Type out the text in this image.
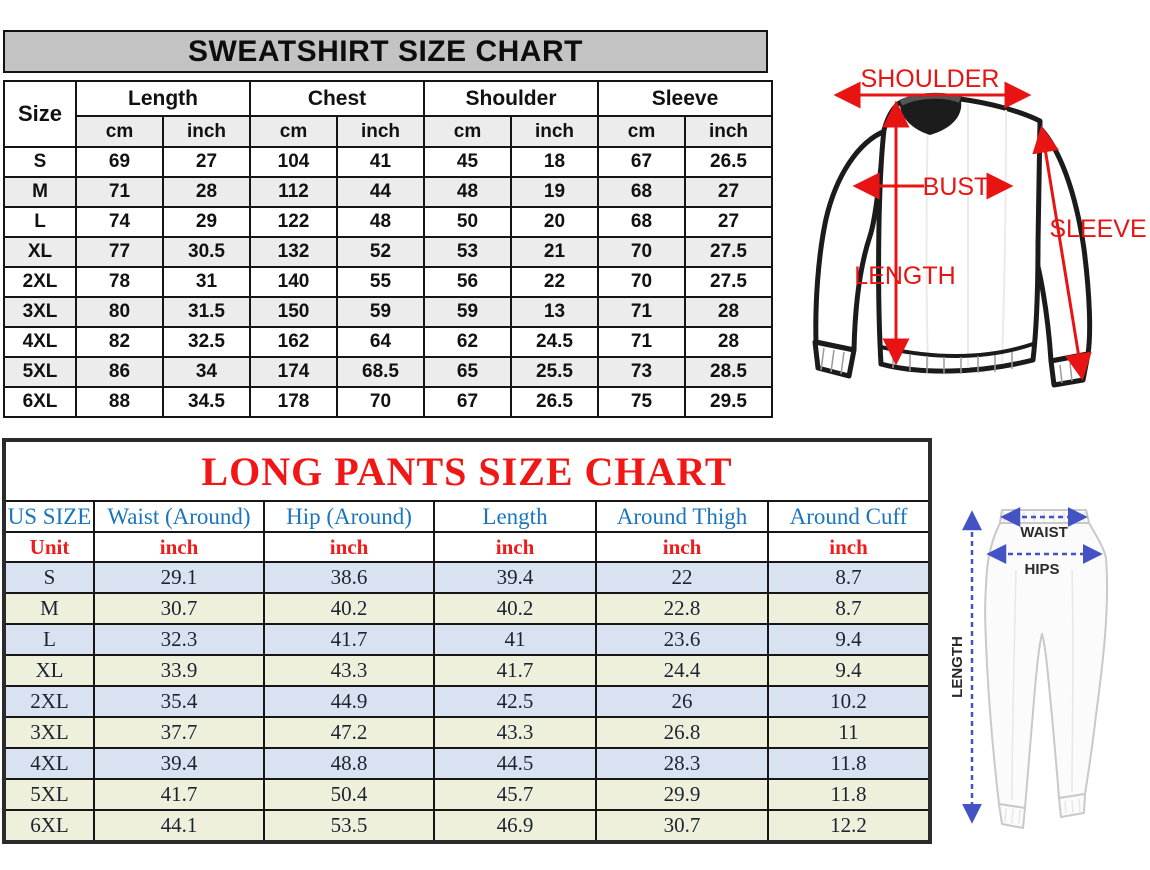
SWEATSHIRT SIZE CHART
Size	Length		Chest		Shoulder		Sleeve	
	cm	inch	cm	inch	cm	inch	cm	inch
S	69	27	104	41	45	18	67	26.5
M	71	28	112	44	48	19	68	27
L	74	29	122	48	50	20	68	27
XL	77	30.5	132	52	53	21	70	27.5
2XL	78	31	140	55	56	22	70	27.5
3XL	80	31.5	150	59	59	13	71	28
4XL	82	32.5	162	64	62	24.5	71	28
5XL	86	34	174	68.5	65	25.5	73	28.5
6XL	88	34.5	178	70	67	26.5	75	29.5
SHOULDER
BUST
LENGTH
SLEEVE
LONG PANTS SIZE CHART					
US SIZE	Waist (Around)	Hip (Around)	Length	Around Thigh	Around Cuff
Unit	inch	inch	inch	inch	inch
S	29.1	38.6	39.4	22	8.7
M	30.7	40.2	40.2	22.8	8.7
L	32.3	41.7	41	23.6	9.4
XL	33.9	43.3	41.7	24.4	9.4
2XL	35.4	44.9	42.5	26	10.2
3XL	37.7	47.2	43.3	26.8	11
4XL	39.4	48.8	44.5	28.3	11.8
5XL	41.7	50.4	45.7	29.9	11.8
6XL	44.1	53.5	46.9	30.7	12.2
WAIST
HIPS
LENGTH
